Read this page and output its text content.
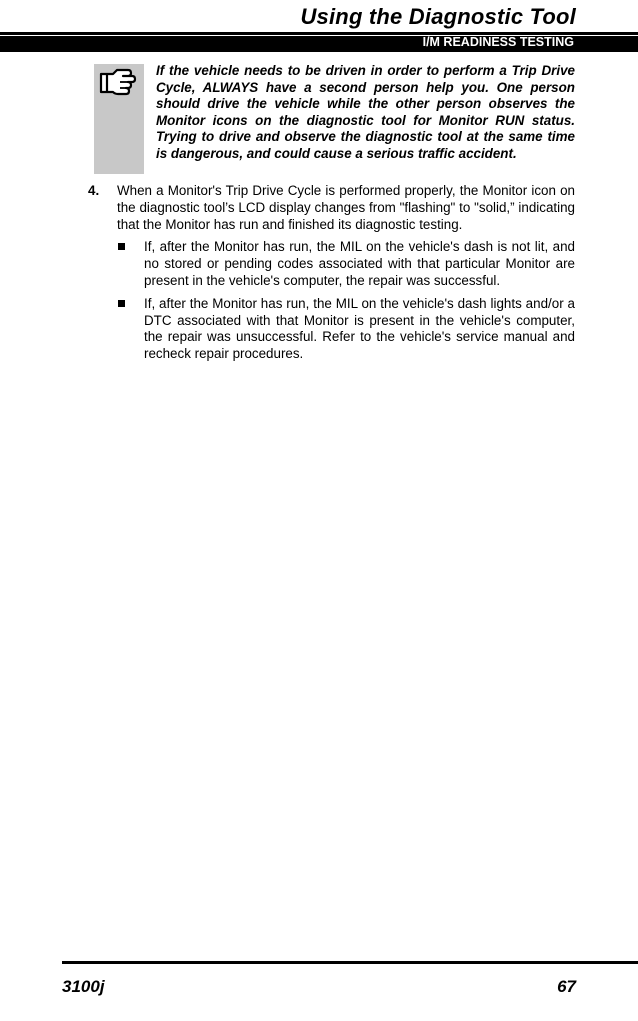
Using the Diagnostic Tool
I/M READINESS TESTING

If the vehicle needs to be driven in order to perform a Trip Drive Cycle, ALWAYS have a second person help you. One person should drive the vehicle while the other person observes the Monitor icons on the diagnostic tool for Monitor RUN status. Trying to drive and observe the diagnostic tool at the same time is dangerous, and could cause a serious traffic accident.

4. When a Monitor's Trip Drive Cycle is performed properly, the Monitor icon on the diagnostic tool’s LCD display changes from "flashing" to "solid,” indicating that the Monitor has run and finished its diagnostic testing.

If, after the Monitor has run, the MIL on the vehicle's dash is not lit, and no stored or pending codes associated with that particular Monitor are present in the vehicle's computer, the repair was successful.

If, after the Monitor has run, the MIL on the vehicle's dash lights and/or a DTC associated with that Monitor is present in the vehicle's computer, the repair was unsuccessful. Refer to the vehicle's service manual and recheck repair procedures.

3100j	67
